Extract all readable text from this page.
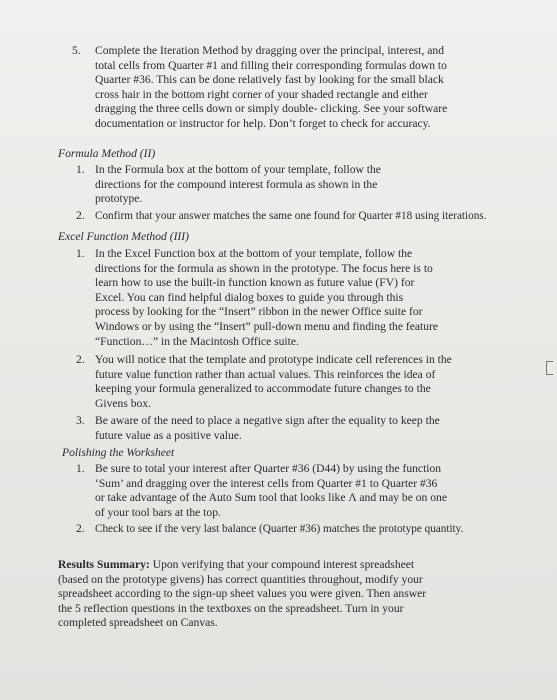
5. Complete the Iteration Method by dragging over the principal, interest, and
total cells from Quarter #1 and filling their corresponding formulas down to
Quarter #36. This can be done relatively fast by looking for the small black
cross hair in the bottom right corner of your shaded rectangle and either
dragging the three cells down or simply double- clicking. See your software
documentation or instructor for help. Don’t forget to check for accuracy.
Formula Method (II)
1. In the Formula box at the bottom of your template, follow the
directions for the compound interest formula as shown in the
prototype.
2. Confirm that your answer matches the same one found for Quarter #18 using iterations.
Excel Function Method (III)
1. In the Excel Function box at the bottom of your template, follow the
directions for the formula as shown in the prototype. The focus here is to
learn how to use the built-in function known as future value (FV) for
Excel. You can find helpful dialog boxes to guide you through this
process by looking for the “Insert” ribbon in the newer Office suite for
Windows or by using the “Insert” pull-down menu and finding the feature
“Function…” in the Macintosh Office suite.
2. You will notice that the template and prototype indicate cell references in the
future value function rather than actual values. This reinforces the idea of
keeping your formula generalized to accommodate future changes to the
Givens box.
3. Be aware of the need to place a negative sign after the equality to keep the
future value as a positive value.
Polishing the Worksheet
1. Be sure to total your interest after Quarter #36 (D44) by using the function
‘Sum’ and dragging over the interest cells from Quarter #1 to Quarter #36
or take advantage of the Auto Sum tool that looks like Λ and may be on one
of your tool bars at the top.
2. Check to see if the very last balance (Quarter #36) matches the prototype quantity.
Results Summary: Upon verifying that your compound interest spreadsheet
(based on the prototype givens) has correct quantities throughout, modify your
spreadsheet according to the sign-up sheet values you were given. Then answer
the 5 reflection questions in the textboxes on the spreadsheet. Turn in your
completed spreadsheet on Canvas.
